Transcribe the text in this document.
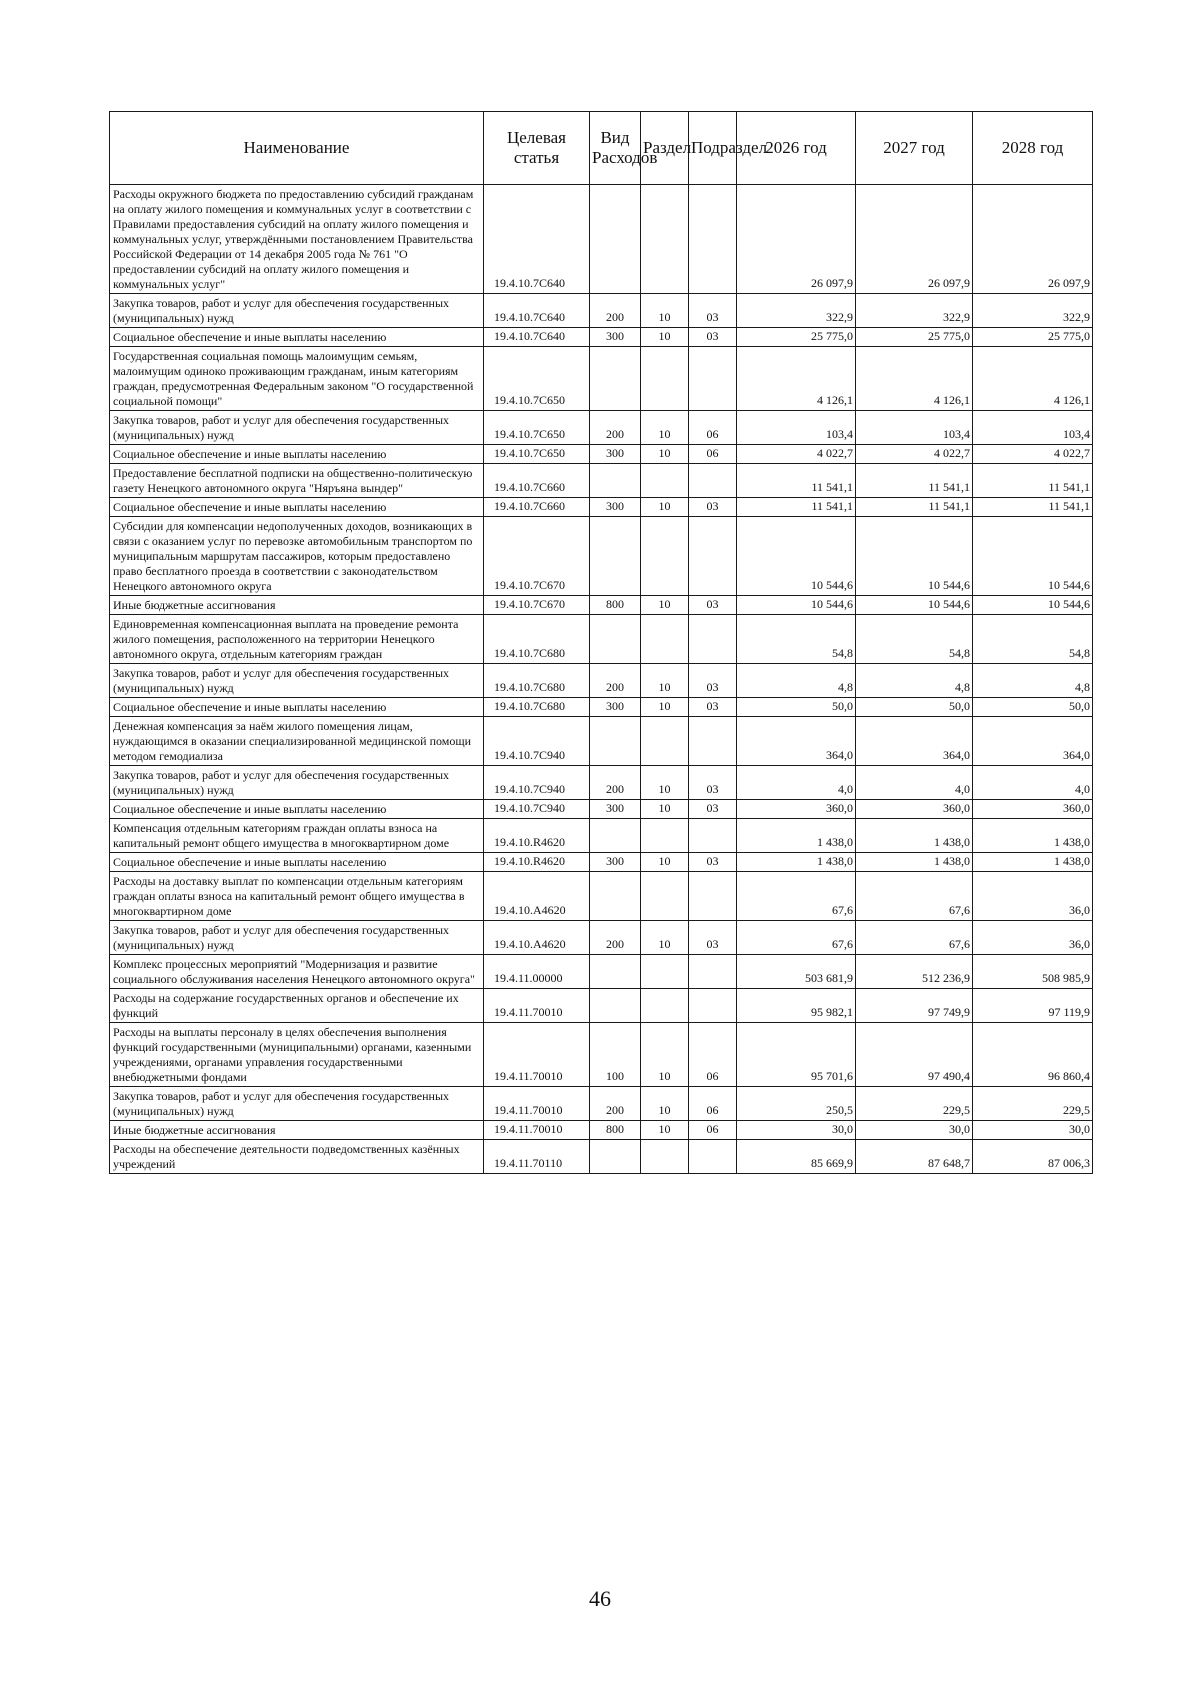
Наименование	Целевая статья	Вид Расходов	Раздел	Подраздел	2026 год	2027 год	2028 год
Расходы окружного бюджета по предоставлению субсидий гражданам на оплату жилого помещения и коммунальных услуг в соответствии с Правилами предоставления субсидий на оплату жилого помещения и коммунальных услуг, утверждёнными постановлением Правительства Российской Федерации от 14 декабря 2005 года № 761 "О предоставлении субсидий на оплату жилого помещения и коммунальных услуг"	19.4.10.7С640				26 097,9	26 097,9	26 097,9
Закупка товаров, работ и услуг для обеспечения государственных (муниципальных) нужд	19.4.10.7С640	200	10	03	322,9	322,9	322,9
Социальное обеспечение и иные выплаты населению	19.4.10.7С640	300	10	03	25 775,0	25 775,0	25 775,0
Государственная социальная помощь малоимущим семьям, малоимущим одиноко проживающим гражданам, иным категориям граждан, предусмотренная Федеральным законом "О государственной социальной помощи"	19.4.10.7С650				4 126,1	4 126,1	4 126,1
Закупка товаров, работ и услуг для обеспечения государственных (муниципальных) нужд	19.4.10.7С650	200	10	06	103,4	103,4	103,4
Социальное обеспечение и иные выплаты населению	19.4.10.7С650	300	10	06	4 022,7	4 022,7	4 022,7
Предоставление бесплатной подписки на общественно-политическую газету Ненецкого автономного округа "Няръяна вындер"	19.4.10.7С660				11 541,1	11 541,1	11 541,1
Социальное обеспечение и иные выплаты населению	19.4.10.7С660	300	10	03	11 541,1	11 541,1	11 541,1
Субсидии для компенсации недополученных доходов, возникающих в связи с оказанием услуг по перевозке автомобильным транспортом по муниципальным маршрутам пассажиров, которым предоставлено право бесплатного проезда в соответствии с законодательством Ненецкого автономного округа	19.4.10.7С670				10 544,6	10 544,6	10 544,6
Иные бюджетные ассигнования	19.4.10.7С670	800	10	03	10 544,6	10 544,6	10 544,6
Единовременная компенсационная выплата на проведение ремонта жилого помещения, расположенного на территории Ненецкого автономного округа, отдельным категориям граждан	19.4.10.7С680				54,8	54,8	54,8
Закупка товаров, работ и услуг для обеспечения государственных (муниципальных) нужд	19.4.10.7С680	200	10	03	4,8	4,8	4,8
Социальное обеспечение и иные выплаты населению	19.4.10.7С680	300	10	03	50,0	50,0	50,0
Денежная компенсация за наём жилого помещения лицам, нуждающимся в оказании специализированной медицинской помощи методом гемодиализа	19.4.10.7С940				364,0	364,0	364,0
Закупка товаров, работ и услуг для обеспечения государственных (муниципальных) нужд	19.4.10.7С940	200	10	03	4,0	4,0	4,0
Социальное обеспечение и иные выплаты населению	19.4.10.7С940	300	10	03	360,0	360,0	360,0
Компенсация отдельным категориям граждан оплаты взноса на капитальный ремонт общего имущества в многоквартирном доме	19.4.10.R4620				1 438,0	1 438,0	1 438,0
Социальное обеспечение и иные выплаты населению	19.4.10.R4620	300	10	03	1 438,0	1 438,0	1 438,0
Расходы на доставку выплат по компенсации отдельным категориям граждан оплаты взноса на капитальный ремонт общего имущества в многоквартирном доме	19.4.10.А4620				67,6	67,6	36,0
Закупка товаров, работ и услуг для обеспечения государственных (муниципальных) нужд	19.4.10.А4620	200	10	03	67,6	67,6	36,0
Комплекс процессных мероприятий "Модернизация и развитие социального обслуживания населения Ненецкого автономного округа"	19.4.11.00000				503 681,9	512 236,9	508 985,9
Расходы на содержание государственных органов и обеспечение их функций	19.4.11.70010				95 982,1	97 749,9	97 119,9
Расходы на выплаты персоналу в целях обеспечения выполнения функций государственными (муниципальными) органами, казенными учреждениями, органами управления государственными внебюджетными фондами	19.4.11.70010	100	10	06	95 701,6	97 490,4	96 860,4
Закупка товаров, работ и услуг для обеспечения государственных (муниципальных) нужд	19.4.11.70010	200	10	06	250,5	229,5	229,5
Иные бюджетные ассигнования	19.4.11.70010	800	10	06	30,0	30,0	30,0
Расходы на обеспечение деятельности подведомственных казённых учреждений	19.4.11.70110				85 669,9	87 648,7	87 006,3
46
